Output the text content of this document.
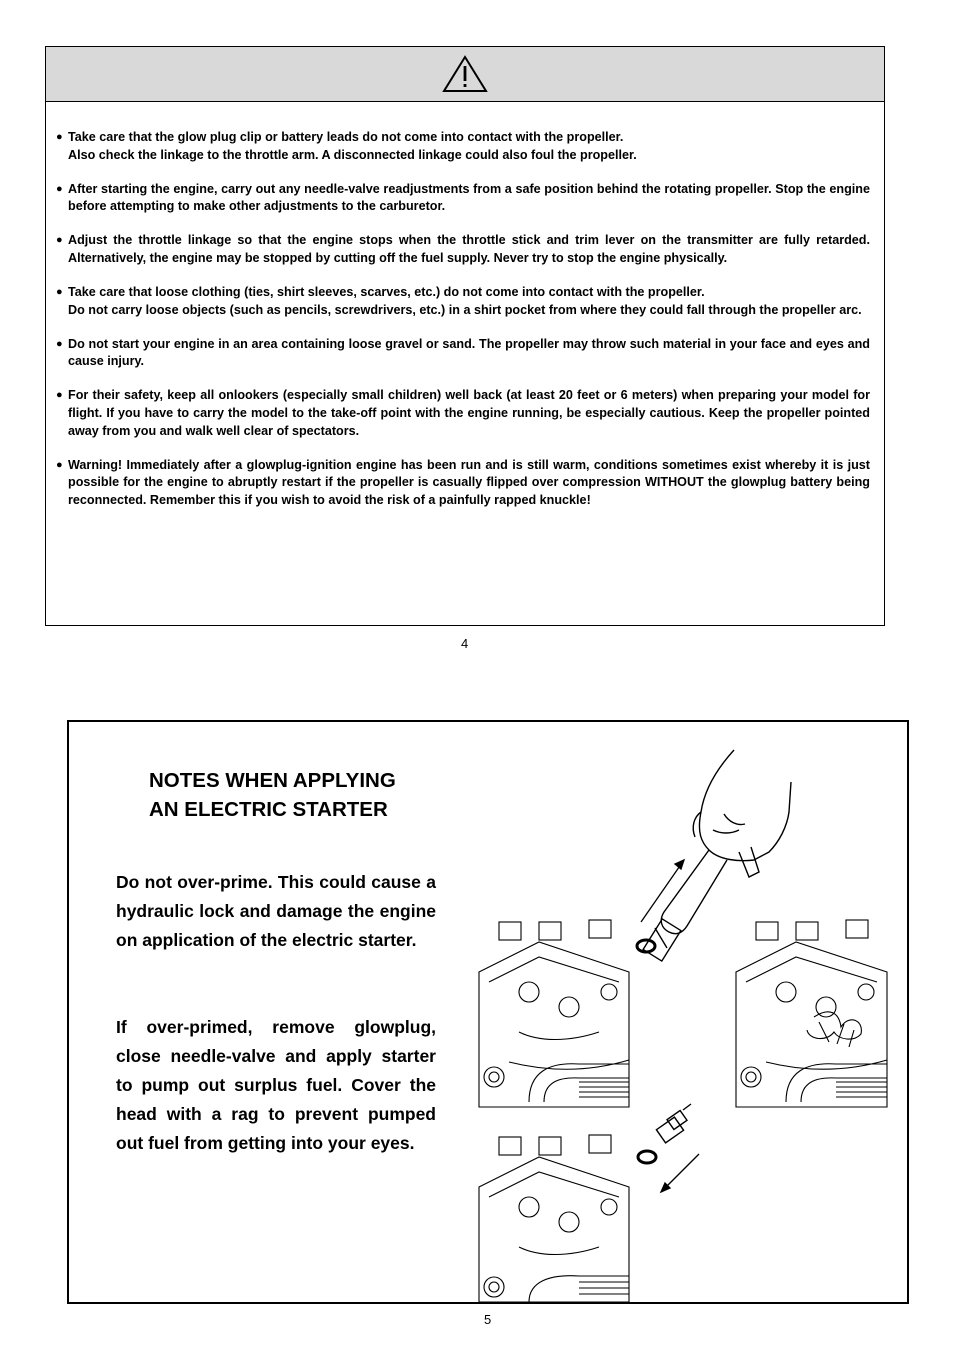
● Take care that the glow plug clip or battery leads do not come into contact with the propeller.
Also check the linkage to the throttle arm. A disconnected linkage could also foul the propeller.
● After starting the engine, carry out any needle-valve readjustments from a safe position behind the rotating propeller. Stop the engine before attempting to make other adjustments to the carburetor.
● Adjust the throttle linkage so that the engine stops when the throttle stick and trim lever on the transmitter are fully retarded. Alternatively, the engine may be stopped by cutting off the fuel supply. Never try to stop the engine physically.
● Take care that loose clothing (ties, shirt sleeves, scarves, etc.) do not come into contact with the propeller.
Do not carry loose objects (such as pencils, screwdrivers, etc.) in a shirt pocket from where they could fall through the propeller arc.
● Do not start your engine in an area containing loose gravel or sand. The propeller may throw such material in your face and eyes and cause injury.
● For their safety, keep all onlookers (especially small children) well back (at least 20 feet or 6 meters) when preparing your model for flight. If you have to carry the model to the take-off point with the engine running, be especially cautious. Keep the propeller pointed away from you and walk well clear of spectators.
● Warning! Immediately after a glowplug-ignition engine has been run and is still warm, conditions sometimes exist whereby it is just possible for the engine to abruptly restart if the propeller is casually flipped over compression WITHOUT the glowplug battery being reconnected. Remember this if you wish to avoid the risk of a painfully rapped knuckle!
4
NOTES WHEN APPLYING
AN ELECTRIC STARTER
Do not over-prime. This could cause a hydraulic lock and damage the engine on application of the electric starter.
If over-primed, remove glowplug, close needle-valve and apply starter to pump out surplus fuel. Cover the head with a rag to prevent pumped out fuel from getting into your eyes.
5
